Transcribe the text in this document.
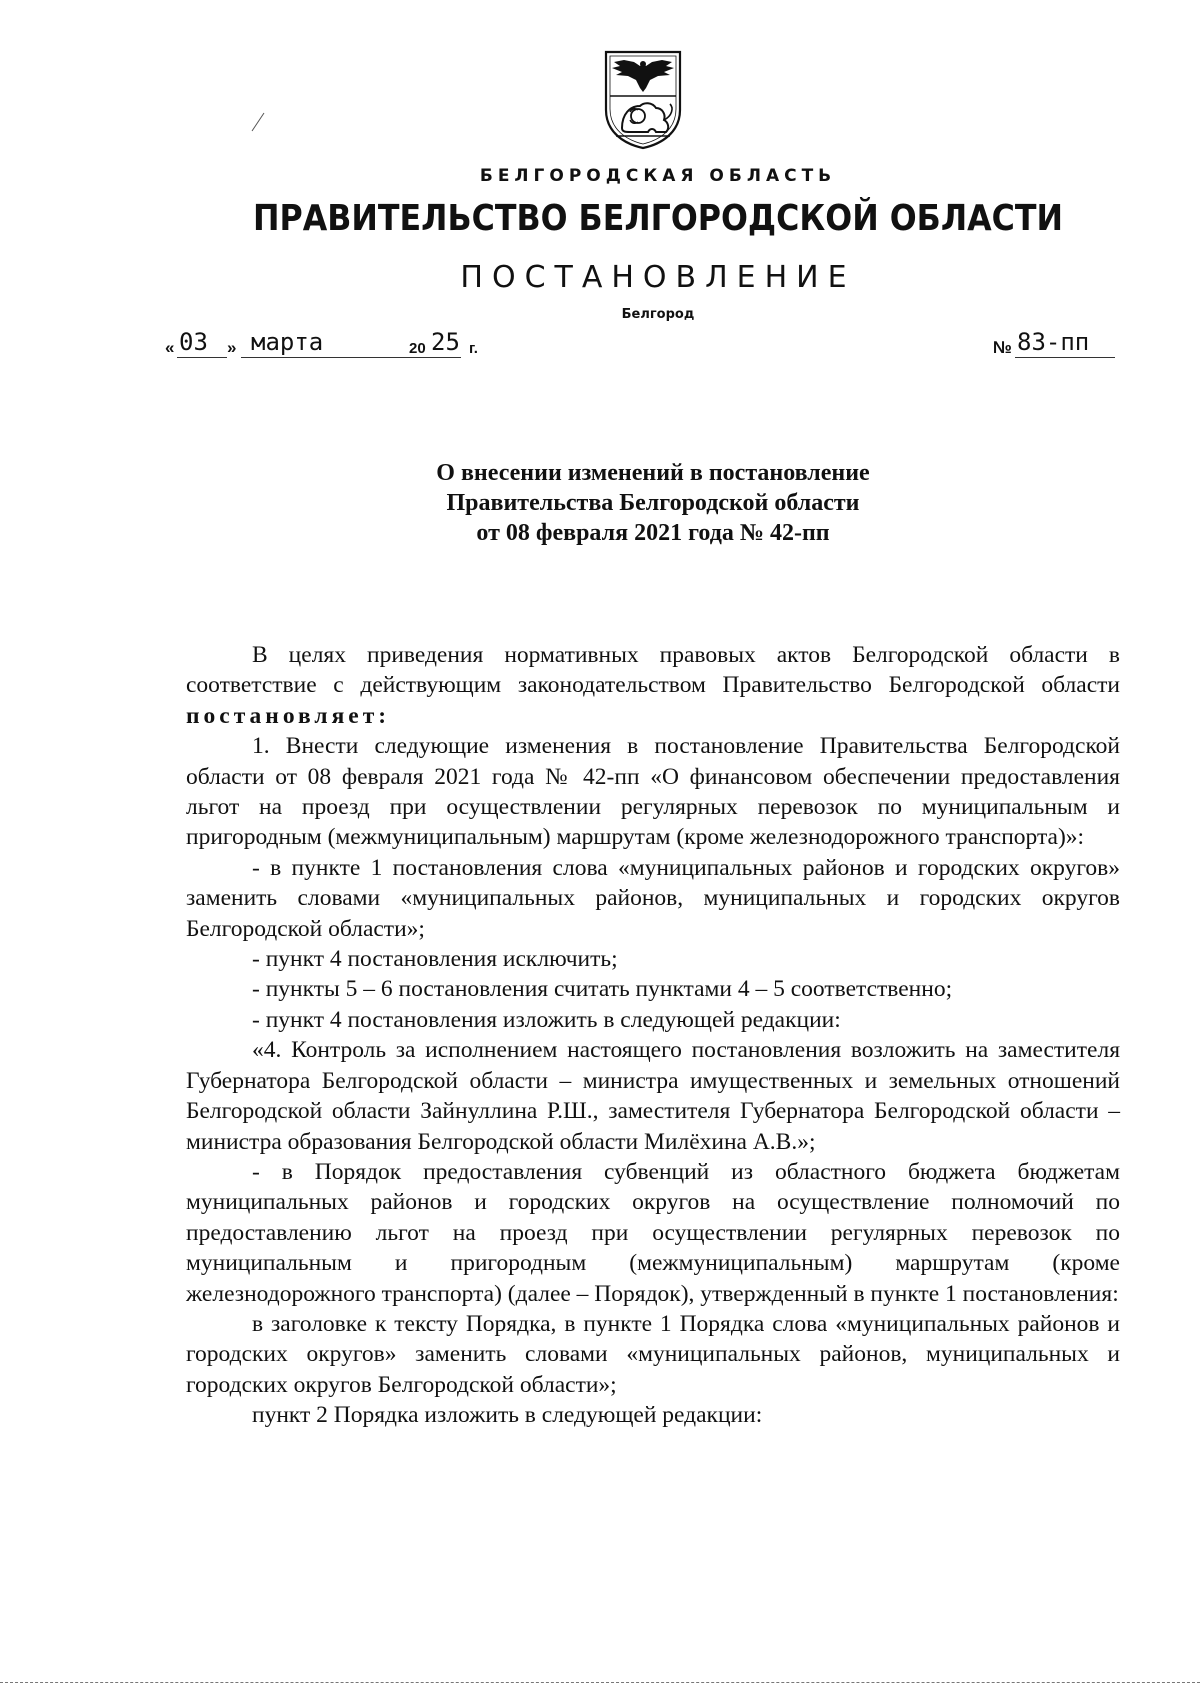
БЕЛГОРОДСКАЯ ОБЛАСТЬ
ПРАВИТЕЛЬСТВО БЕЛГОРОДСКОЙ ОБЛАСТИ
ПОСТАНОВЛЕНИЕ
Белгород
« 03 » марта	20 25 г.	№ 83-пп
О внесении изменений в постановление
Правительства Белгородской области
от 08 февраля 2021 года № 42-пп

В целях приведения нормативных правовых актов Белгородской области в соответствие с действующим законодательством Правительство Белгородской области постановляет:

1. Внести следующие изменения в постановление Правительства Белгородской области от 08 февраля 2021 года № 42-пп «О финансовом обеспечении предоставления льгот на проезд при осуществлении регулярных перевозок по муниципальным и пригородным (межмуниципальным) маршрутам (кроме железнодорожного транспорта)»:

- в пункте 1 постановления слова «муниципальных районов и городских округов» заменить словами «муниципальных районов, муниципальных и городских округов Белгородской области»;

- пункт 4 постановления исключить;

- пункты 5 – 6 постановления считать пунктами 4 – 5 соответственно;

- пункт 4 постановления изложить в следующей редакции:

«4. Контроль за исполнением настоящего постановления возложить на заместителя Губернатора Белгородской области – министра имущественных и земельных отношений Белгородской области Зайнуллина Р.Ш., заместителя Губернатора Белгородской области – министра образования Белгородской области Милёхина А.В.»;

- в Порядок предоставления субвенций из областного бюджета бюджетам муниципальных районов и городских округов на осуществление полномочий по предоставлению льгот на проезд при осуществлении регулярных перевозок по муниципальным и пригородным (межмуниципальным) маршрутам (кроме железнодорожного транспорта) (далее – Порядок), утвержденный в пункте 1 постановления:

в заголовке к тексту Порядка, в пункте 1 Порядка слова «муниципальных районов и городских округов» заменить словами «муниципальных районов, муниципальных и городских округов Белгородской области»;

пункт 2 Порядка изложить в следующей редакции:
